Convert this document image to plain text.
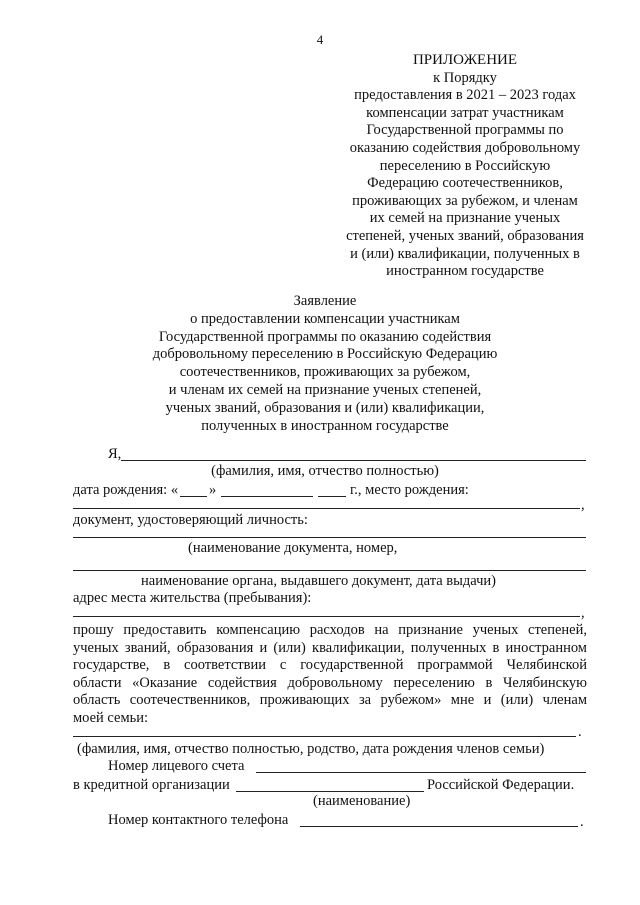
4
ПРИЛОЖЕНИЕ
к Порядку
предоставления в 2021 – 2023 годах
компенсации затрат участникам
Государственной программы по
оказанию содействия добровольному
переселению в Российскую
Федерацию соотечественников,
проживающих за рубежом, и членам
их семей на признание ученых
степеней, ученых званий, образования
и (или) квалификации, полученных в
иностранном государстве
Заявление
о предоставлении компенсации участникам
Государственной программы по оказанию содействия
добровольному переселению в Российскую Федерацию
соотечественников, проживающих за рубежом,
и членам их семей на признание ученых степеней,
ученых званий, образования и (или) квалификации,
полученных в иностранном государстве
Я,
(фамилия, имя, отчество полностью)
дата рождения: « »	г., место рождения:
,
документ, удостоверяющий личность:
(наименование документа, номер,
наименование органа, выдавшего документ, дата выдачи)
адрес места жительства (пребывания):
,
прошу предоставить компенсацию расходов на признание ученых степеней,
ученых званий, образования и (или) квалификации, полученных в иностранном
государстве, в соответствии с государственной программой Челябинской
области «Оказание содействия добровольному переселению в Челябинскую
область соотечественников, проживающих за рубежом» мне и (или) членам
моей семьи:
.
(фамилия, имя, отчество полностью, родство, дата рождения членов семьи)
Номер лицевого счета
в кредитной организации	Российской Федерации.
(наименование)
Номер контактного телефона	.
